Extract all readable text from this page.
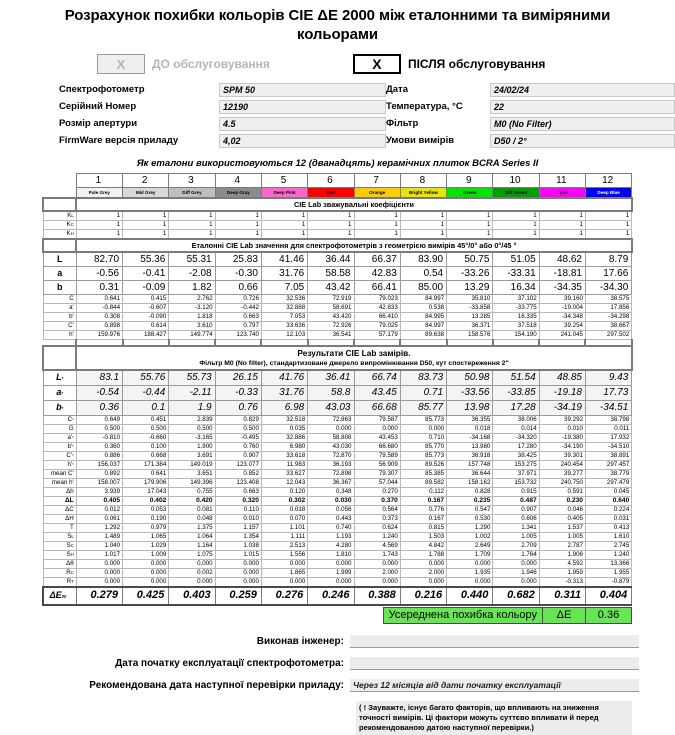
Розрахунок похибки кольорів CIE ΔE 2000 між еталонними та виміряними кольорами
X	ДО обслуговування	X	ПІСЛЯ обслуговування
Спектрофотометр	SPM 50
Серійний Номер	12190
Розмір апертури	4.5
FirmWare версія приладу	4,02
Дата	24/02/24
Температура, °C	22
Фільтр	M0 (No Filter)
Умови вимірів	D50 / 2°
Як еталони використовуються 12 (дванадцять) керамічних плиток BCRA Series II
	1	2	3	4	5	6	7	8	9	10	11	12
	Pale Grey	Mid Grey	Diff Grey	Deep Gray	Deep Pink	Red	Orange	Bright Yellow	Green	Diff Green	Cyan	Deep Blue
	CIE Lab зважувальні коефіцієнти											
KL	1	1	1	1	1	1	1	1	1	1	1	1
KC	1	1	1	1	1	1	1	1	1	1	1	1
KH	1	1	1	1	1	1	1	1	1	1	1	1
	Еталонні CIE Lab значення для спектрофотометрів з геометрією вимірів 45°/0° або 0°/45 °											
L	82.70	55.36	55.31	25.83	41.46	36.44	66.37	83.90	50.75	51.05	48.62	8.79
a	-0.56	-0.41	-2.08	-0.30	31.76	58.58	42.83	0.54	-33.26	-33.31	-18.81	17.66
b	0.31	-0.09	1.82	0.66	7.05	43.42	66.41	85.00	13.29	16.34	-34.35	-34.30
C	0.641	0.415	2.762	0.726	32.536	72.919	79.023	84.997	35.810	37.102	39.160	38.575
a'	-0.844	-0.607	-3.120	-0.442	32.888	58.691	42.833	0.538	-33.858	-33.775	-19.004	17.856
b'	0.308	-0.090	1.818	0.663	7.053	43.420	66.410	84.995	13.285	16.335	-34.348	-34.298
C'	0.898	0.614	3.610	0.797	33.636	72.926	79.025	84.997	36.371	37.518	39.254	38.667
h'	159.976	188.427	149.774	123.740	12.103	36.541	57.179	89.638	158.576	154.190	241.045	297.502

	Результати CIE Lab замірів.											
	Фільтр M0 (No filter), стандартизоване джерело випромінювання D50, кут спостереження 2"											
L*	83.1	55.76	55.73	26.15	41.76	36.41	66.74	83.73	50.98	51.54	48.85	9.43
a*	-0.54	-0.44	-2.11	-0.33	31.76	58.8	43.45	0.71	-33.56	-33.85	-19.18	17.73
b*	0.36	0.1	1.9	0.76	6.98	43.03	66.68	85.77	13.98	17.28	-34.19	-34.51
C*	0.649	0.451	2.839	0.829	32.518	72.863	79.587	85.773	36.355	38.006	39.292	38.798
G	0.500	0.500	0.500	0.500	0.035	0.000	0.000	0.000	0.018	0.014	0.010	0.011
a'*	-0.810	-0.660	-3.165	-0.495	32.886	58.808	43.453	0.710	-34.168	-34.320	-19.380	17.932
b'*	0.360	0.100	1.900	0.760	6.980	43.030	66.680	85.770	13.980	17.280	-34.190	-34.510
C'*	0.886	0.668	3.691	0.907	33.618	72.870	79.589	85.773	36.918	38.425	39.301	38.891
h'*	156.037	171.384	149.019	123.077	11.983	36.193	56.909	89.526	157.748	153.275	240.454	297.457
mean C'	0.892	0.641	3.651	0.852	33.627	72.898	79.307	85.385	36.644	37.971	39.277	38.779
mean h'	158.007	179.906	149.396	123.408	12.043	36.367	57.044	89.582	158.162	153.732	240.750	297.479
Δh	3.939	17.043	0.755	0.663	0.120	0.348	0.270	0.112	0.828	0.915	0.591	0.045
ΔL	0.405	0.402	0.420	0.320	0.302	0.030	0.370	0.167	0.235	0.487	0.230	0.640
ΔC	0.012	0.053	0.081	0.110	0.018	0.056	0.564	0.776	0.547	0.907	0.046	0.224
ΔH	0.061	0.190	0.048	0.010	0.070	0.443	0.373	0.167	0.530	0.606	0.405	0.031
T	1.292	0.979	1.375	1.157	1.101	0.740	0.624	0.815	1.290	1.341	1.537	0.413
SL	1.489	1.065	1.064	1.354	1.111	1.193	1.240	1.503	1.002	1.005	1.005	1.610
SC	1.040	1.029	1.164	1.038	2.513	4.280	4.569	4.842	2.649	2.709	2.787	2.745
SH	1.017	1.009	1.075	1.015	1.556	1.810	1.743	1.788	1.709	1.764	1.906	1.240
Δθ	0.000	0.000	0.000	0.000	0.000	0.000	0.000	0.000	0.000	0.000	4.592	13.366
RC	0.000	0.000	0.002	0.000	1.865	1.999	2.000	2.000	1.935	1.946	1.959	1.955
RT	0.000	0.000	0.000	0.000	0.000	0.000	0.000	0.000	0.000	0.000	-0.313	-0.879
ΔE00	0.279	0.425	0.403	0.259	0.276	0.246	0.388	0.216	0.440	0.682	0.311	0.404
Усереднена похибка кольору	ΔE	0.36
Виконав інженер:
Дата початку експлуатації спектрофотометра:
Рекомендована дата наступної перевірки приладу:	Через 12 місяців від дати початку експлуатації
( ! Зауважте, існує багато факторів, що впливають на зниження точності вимірів. Ці фактори можуть суттєво впливати й перед рекомендованою датою наступної перевірки.)
